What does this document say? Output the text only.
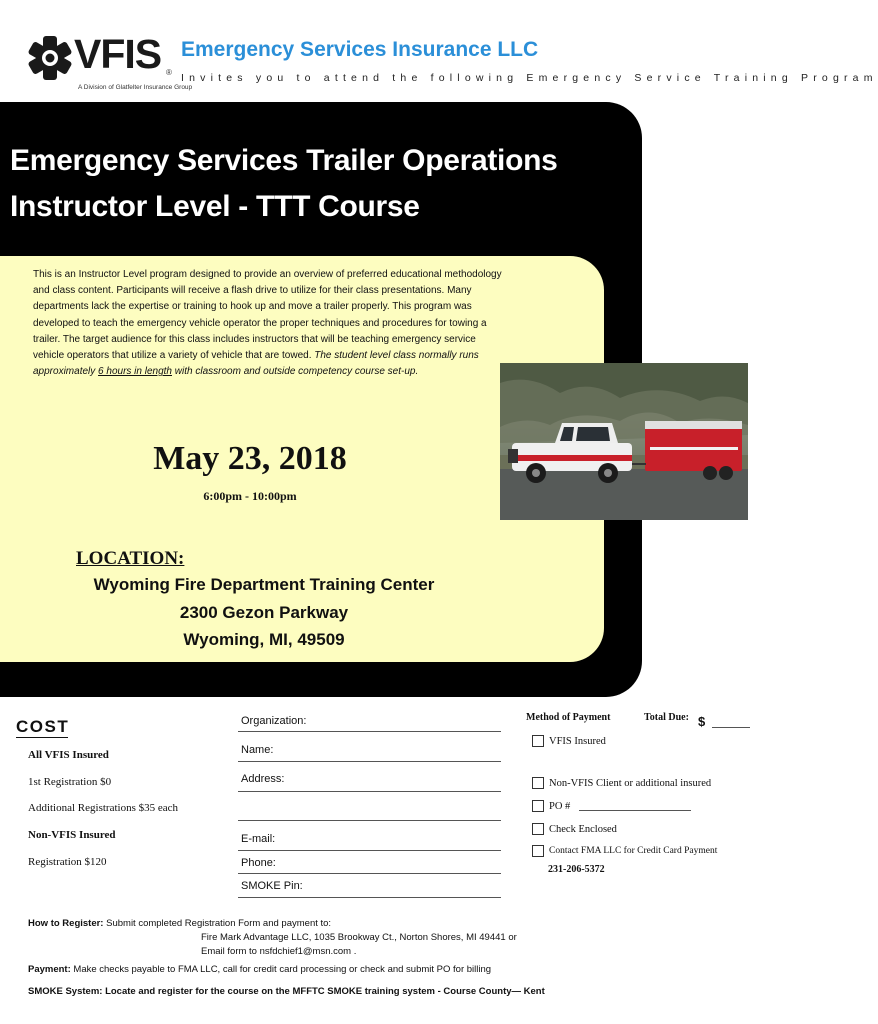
VFIS ®
A Division of Glatfelter Insurance Group
Emergency Services Insurance LLC
Invites you to attend the following Emergency Service Training Program
Emergency Services Trailer Operations
Instructor Level - TTT Course
This is an Instructor Level program designed to provide an overview of preferred educational methodology and class content. Participants will receive a flash drive to utilize for their class presentations. Many departments lack the expertise or training to hook up and move a trailer properly. This program was developed to teach the emergency vehicle operator the proper techniques and procedures for towing a trailer. The target audience for this class includes instructors that will be teaching emergency service vehicle operators that utilize a variety of vehicle that are towed. The student level class normally runs approximately 6 hours in length with classroom and outside competency course set-up.
May 23, 2018
6:00pm - 10:00pm
LOCATION:
Wyoming Fire Department Training Center
2300 Gezon Parkway
Wyoming, MI, 49509
COST
All VFIS Insured
1st Registration $0
Additional Registrations $35 each
Non-VFIS Insured
Registration $120
Organization:
Name:
Address:
E-mail:
Phone:
SMOKE Pin:
Method of Payment	Total Due: $
VFIS Insured
Non-VFIS Client or additional insured
PO #
Check Enclosed
Contact FMA LLC for Credit Card Payment
231-206-5372
How to Register: Submit completed Registration Form and payment to:
Fire Mark Advantage LLC, 1035 Brookway Ct., Norton Shores, MI 49441 or
Email form to nsfdchief1@msn.com .
Payment: Make checks payable to FMA LLC, call for credit card processing or check and submit PO for billing
SMOKE System: Locate and register for the course on the MFFTC SMOKE training system - Course County— Kent
